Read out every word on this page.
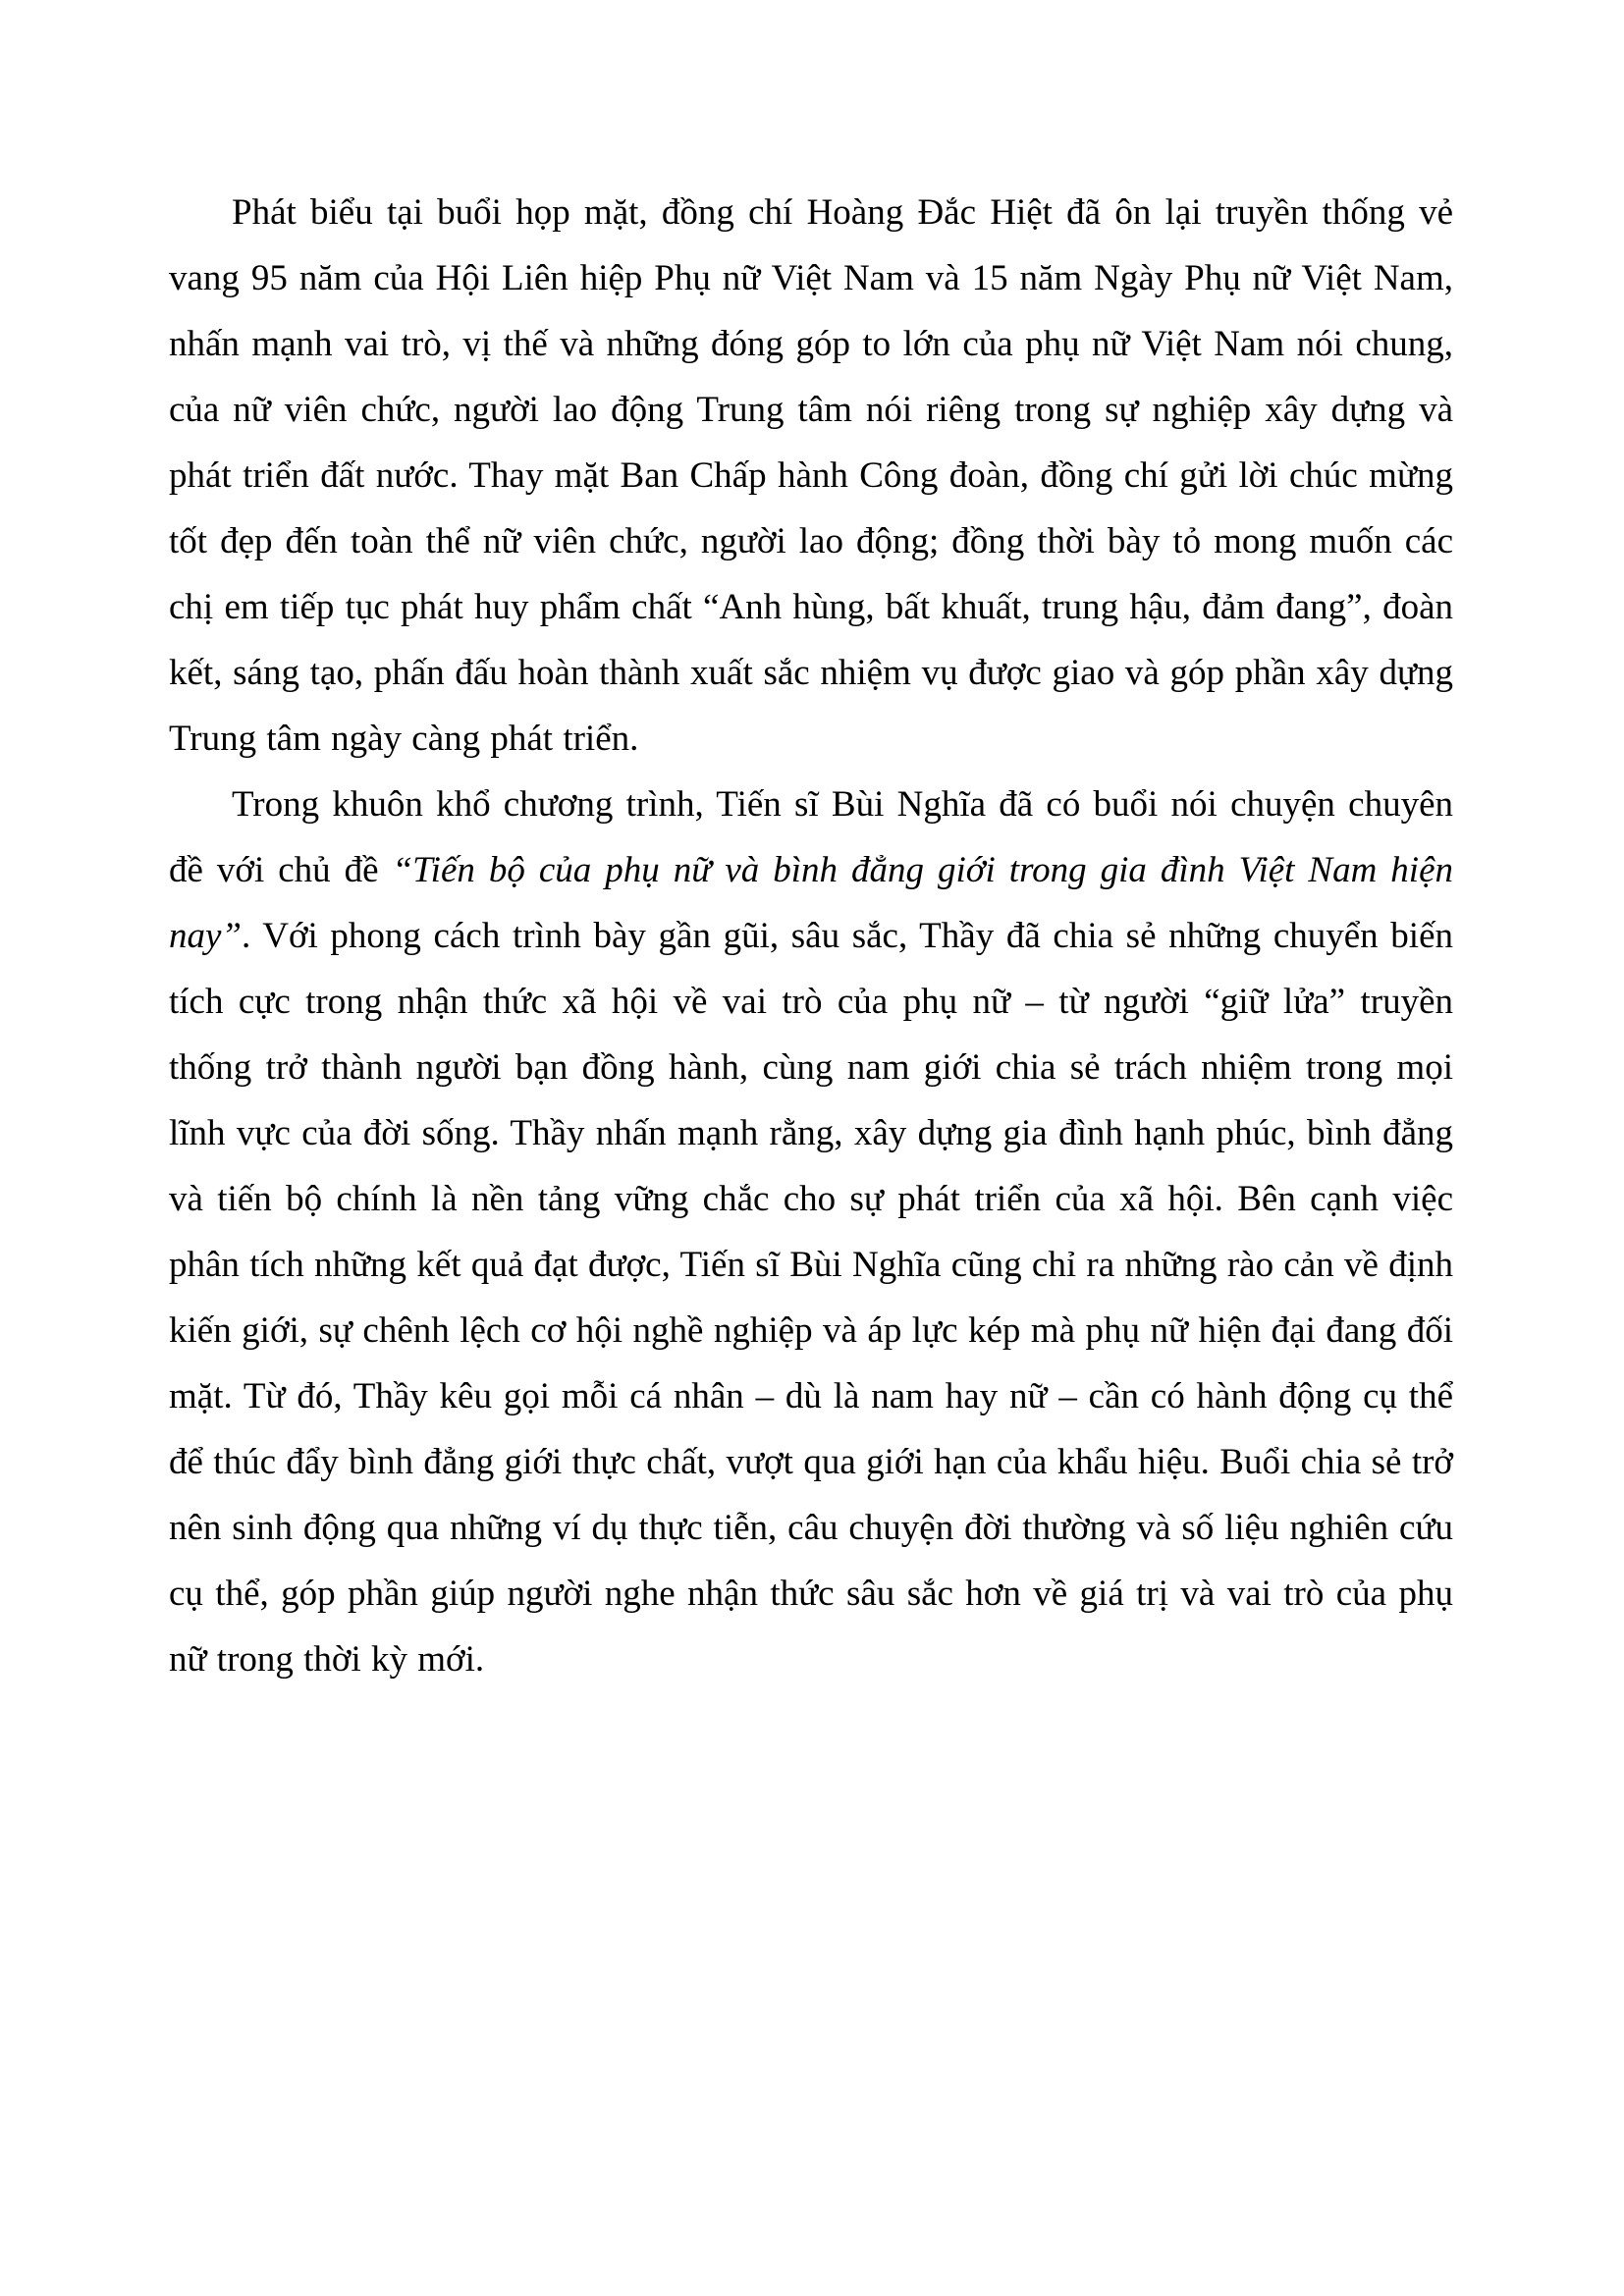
Phát biểu tại buổi họp mặt, đồng chí Hoàng Đắc Hiệt đã ôn lại truyền thống vẻ vang 95 năm của Hội Liên hiệp Phụ nữ Việt Nam và 15 năm Ngày Phụ nữ Việt Nam, nhấn mạnh vai trò, vị thế và những đóng góp to lớn của phụ nữ Việt Nam nói chung, của nữ viên chức, người lao động Trung tâm nói riêng trong sự nghiệp xây dựng và phát triển đất nước. Thay mặt Ban Chấp hành Công đoàn, đồng chí gửi lời chúc mừng tốt đẹp đến toàn thể nữ viên chức, người lao động; đồng thời bày tỏ mong muốn các chị em tiếp tục phát huy phẩm chất “Anh hùng, bất khuất, trung hậu, đảm đang”, đoàn kết, sáng tạo, phấn đấu hoàn thành xuất sắc nhiệm vụ được giao và góp phần xây dựng Trung tâm ngày càng phát triển.

Trong khuôn khổ chương trình, Tiến sĩ Bùi Nghĩa đã có buổi nói chuyện chuyên đề với chủ đề “Tiến bộ của phụ nữ và bình đẳng giới trong gia đình Việt Nam hiện nay”. Với phong cách trình bày gần gũi, sâu sắc, Thầy đã chia sẻ những chuyển biến tích cực trong nhận thức xã hội về vai trò của phụ nữ – từ người “giữ lửa” truyền thống trở thành người bạn đồng hành, cùng nam giới chia sẻ trách nhiệm trong mọi lĩnh vực của đời sống. Thầy nhấn mạnh rằng, xây dựng gia đình hạnh phúc, bình đẳng và tiến bộ chính là nền tảng vững chắc cho sự phát triển của xã hội. Bên cạnh việc phân tích những kết quả đạt được, Tiến sĩ Bùi Nghĩa cũng chỉ ra những rào cản về định kiến giới, sự chênh lệch cơ hội nghề nghiệp và áp lực kép mà phụ nữ hiện đại đang đối mặt. Từ đó, Thầy kêu gọi mỗi cá nhân – dù là nam hay nữ – cần có hành động cụ thể để thúc đẩy bình đẳng giới thực chất, vượt qua giới hạn của khẩu hiệu. Buổi chia sẻ trở nên sinh động qua những ví dụ thực tiễn, câu chuyện đời thường và số liệu nghiên cứu cụ thể, góp phần giúp người nghe nhận thức sâu sắc hơn về giá trị và vai trò của phụ nữ trong thời kỳ mới.
